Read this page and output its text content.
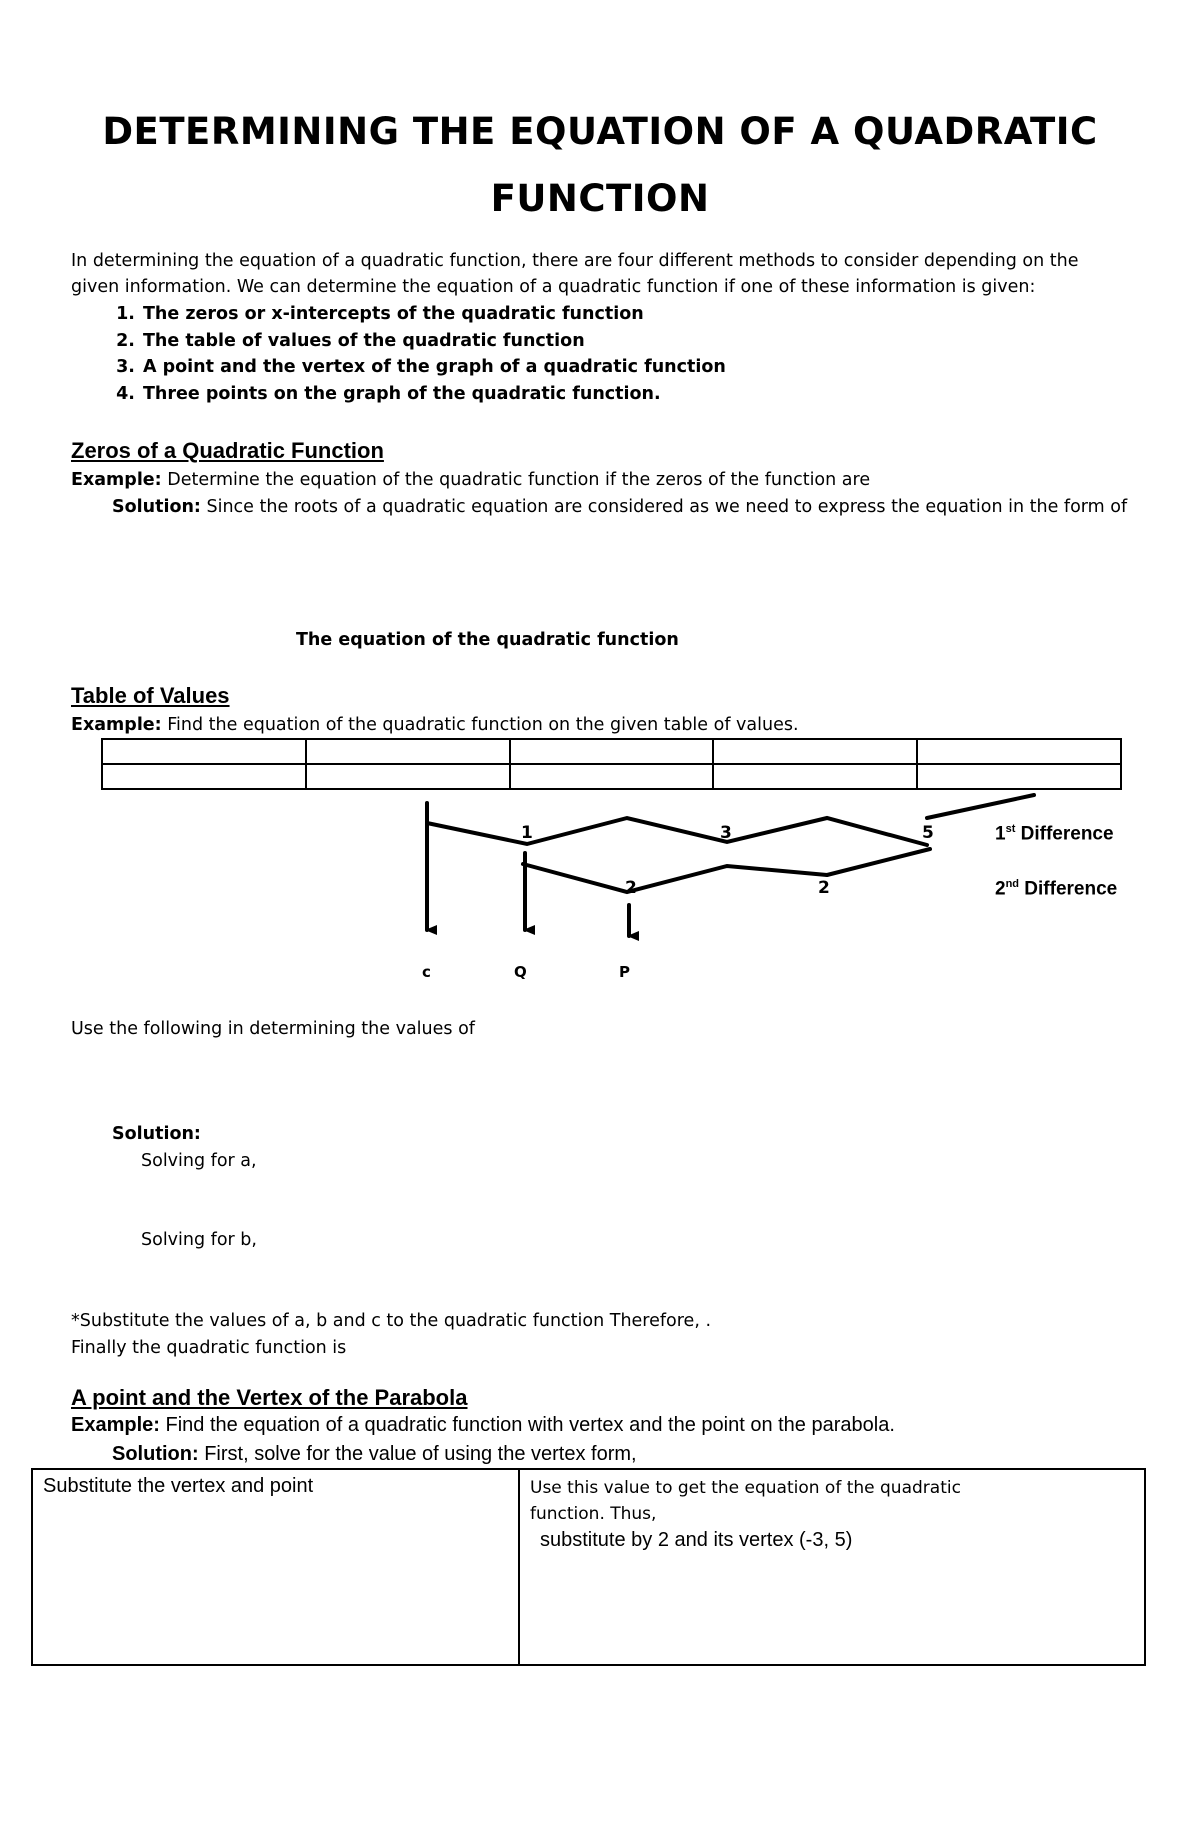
DETERMINING THE EQUATION OF A QUADRATIC
FUNCTION
In determining the equation of a quadratic function, there are four different methods to consider depending on the given information. We can determine the equation of a quadratic function if one of these information is given:
1. The zeros or x-intercepts of the quadratic function
2. The table of values of the quadratic function
3. A point and the vertex of the graph of a quadratic function
4. Three points on the graph of the quadratic function.
Zeros of a Quadratic Function
Example: Determine the equation of the quadratic function if the zeros of the function are
Solution: Since the roots of a quadratic equation are considered as we need to express the equation in the form of
The equation of the quadratic function
Table of Values
Example: Find the equation of the quadratic function on the given table of values.

1	3	5
2	2
1st Difference
2nd Difference
c	Q	P
Use the following in determining the values of
Solution:
Solving for a,
Solving for b,
*Substitute the values of a, b and c to the quadratic function Therefore, .
Finally the quadratic function is
A point and the Vertex of the Parabola
Example: Find the equation of a quadratic function with vertex and the point on the parabola.
Solution: First, solve for the value of using the vertex form,
Substitute the vertex and point	Use this value to get the equation of the quadratic
function. Thus,
substitute by 2 and its vertex (-3, 5)
